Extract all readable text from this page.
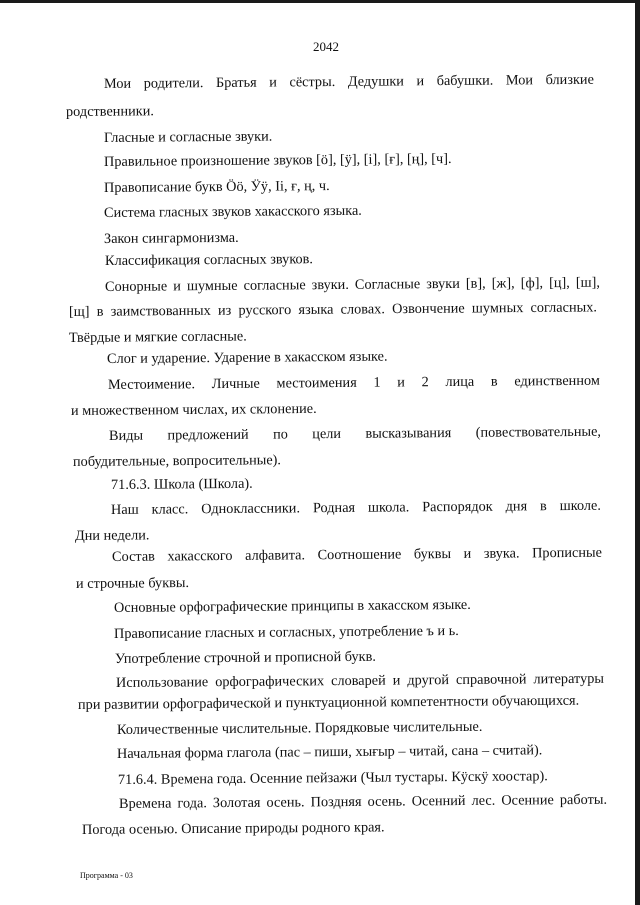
2042
Мои родители. Братья и сёстры. Дедушки и бабушки. Мои близкие
родственники.
Гласные и согласные звуки.
Правильное произношение звуков [ӧ], [ӱ], [і], [ғ], [ң], [ч].
Правописание букв Ӧӧ, Ӱӱ, Іі, ғ, ң, ч.
Система гласных звуков хакасского языка.
Закон сингармонизма.
Классификация согласных звуков.
Сонорные и шумные согласные звуки. Согласные звуки [в], [ж], [ф], [ц], [ш],
[щ] в заимствованных из русского языка словах. Озвончение шумных согласных.
Твёрдые и мягкие согласные.
Слог и ударение. Ударение в хакасском языке.
Местоимение. Личные местоимения 1 и 2 лица в единственном
и множественном числах, их склонение.
Виды предложений по цели высказывания (повествовательные,
побудительные, вопросительные).
71.6.3. Школа (Школа).
Наш класс. Одноклассники. Родная школа. Распорядок дня в школе.
Дни недели.
Состав хакасского алфавита. Соотношение буквы и звука. Прописные
и строчные буквы.
Основные орфографические принципы в хакасском языке.
Правописание гласных и согласных, употребление ъ и ь.
Употребление строчной и прописной букв.
Использование орфографических словарей и другой справочной литературы
при развитии орфографической и пунктуационной компетентности обучающихся.
Количественные числительные. Порядковые числительные.
Начальная форма глагола (пас – пиши, хығыр – читай, сана – считай).
71.6.4. Времена года. Осенние пейзажи (Чыл тустары. Кӱскӱ хоостар).
Времена года. Золотая осень. Поздняя осень. Осенний лес. Осенние работы.
Погода осенью. Описание природы родного края.
Программа - 03
